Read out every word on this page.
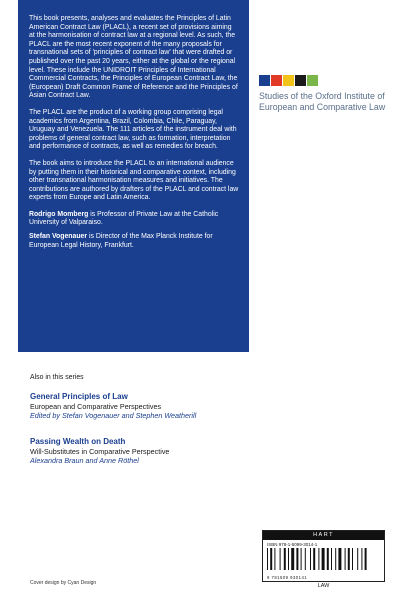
This book presents, analyses and evaluates the Principles of Latin American Contract Law (PLACL), a recent set of provisions aiming at the harmonisation of contract law at a regional level. As such, the PLACL are the most recent exponent of the many proposals for transnational sets of 'principles of contract law' that were drafted or published over the past 20 years, either at the global or the regional level. These include the UNIDROIT Principles of International Commercial Contracts, the Principles of European Contract Law, the (European) Draft Common Frame of Reference and the Principles of Asian Contract Law.

The PLACL are the product of a working group comprising legal academics from Argentina, Brazil, Colombia, Chile, Paraguay, Uruguay and Venezuela. The 111 articles of the instrument deal with problems of general contract law, such as formation, interpretation and performance of contracts, as well as remedies for breach.

The book aims to introduce the PLACL to an international audience by putting them in their historical and comparative context, including other transnational harmonisation measures and initiatives. The contributions are authored by drafters of the PLACL and contract law experts from Europe and Latin America.

Rodrigo Momberg is Professor of Private Law at the Catholic University of Valparaiso.

Stefan Vogenauer is Director of the Max Planck Institute for European Legal History, Frankfurt.

Studies of the Oxford Institute of European and Comparative Law
Also in this series
General Principles of Law
European and Comparative Perspectives
Edited by Stefan Vogenauer and Stephen Weatherill
Passing Wealth on Death
Will-Substitutes in Comparative Perspective
Alexandra Braun and Anne Röthel
HART
ISBN 978-1-5099-3014-1
9 781509 930141
LAW
Cover design by Cyan Design
